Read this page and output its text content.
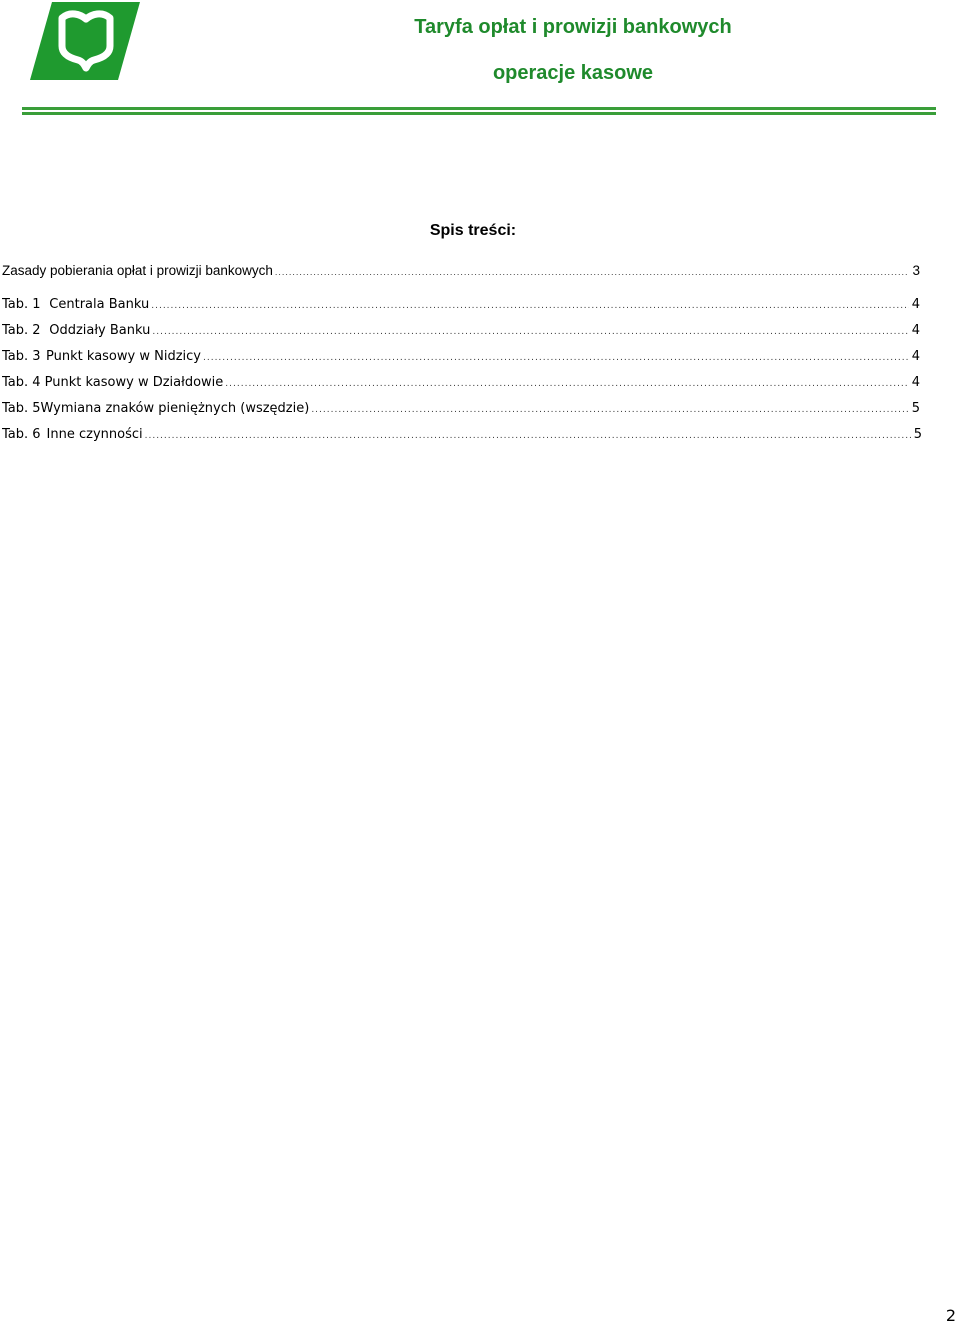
Taryfa opłat i prowizji bankowych
operacje kasowe
Spis treści:
Zasady pobierania opłat i prowizji bankowych .....	3
Tab. 1 Centrala Banku .....	4
Tab. 2 Oddziały Banku .....	4
Tab. 3 Punkt kasowy w Nidzicy .....	4
Tab. 4 Punkt kasowy w Działdowie .....	4
Tab. 5 Wymiana znaków pieniężnych (wszędzie) .....	5
Tab. 6 Inne czynności .....	5

2
